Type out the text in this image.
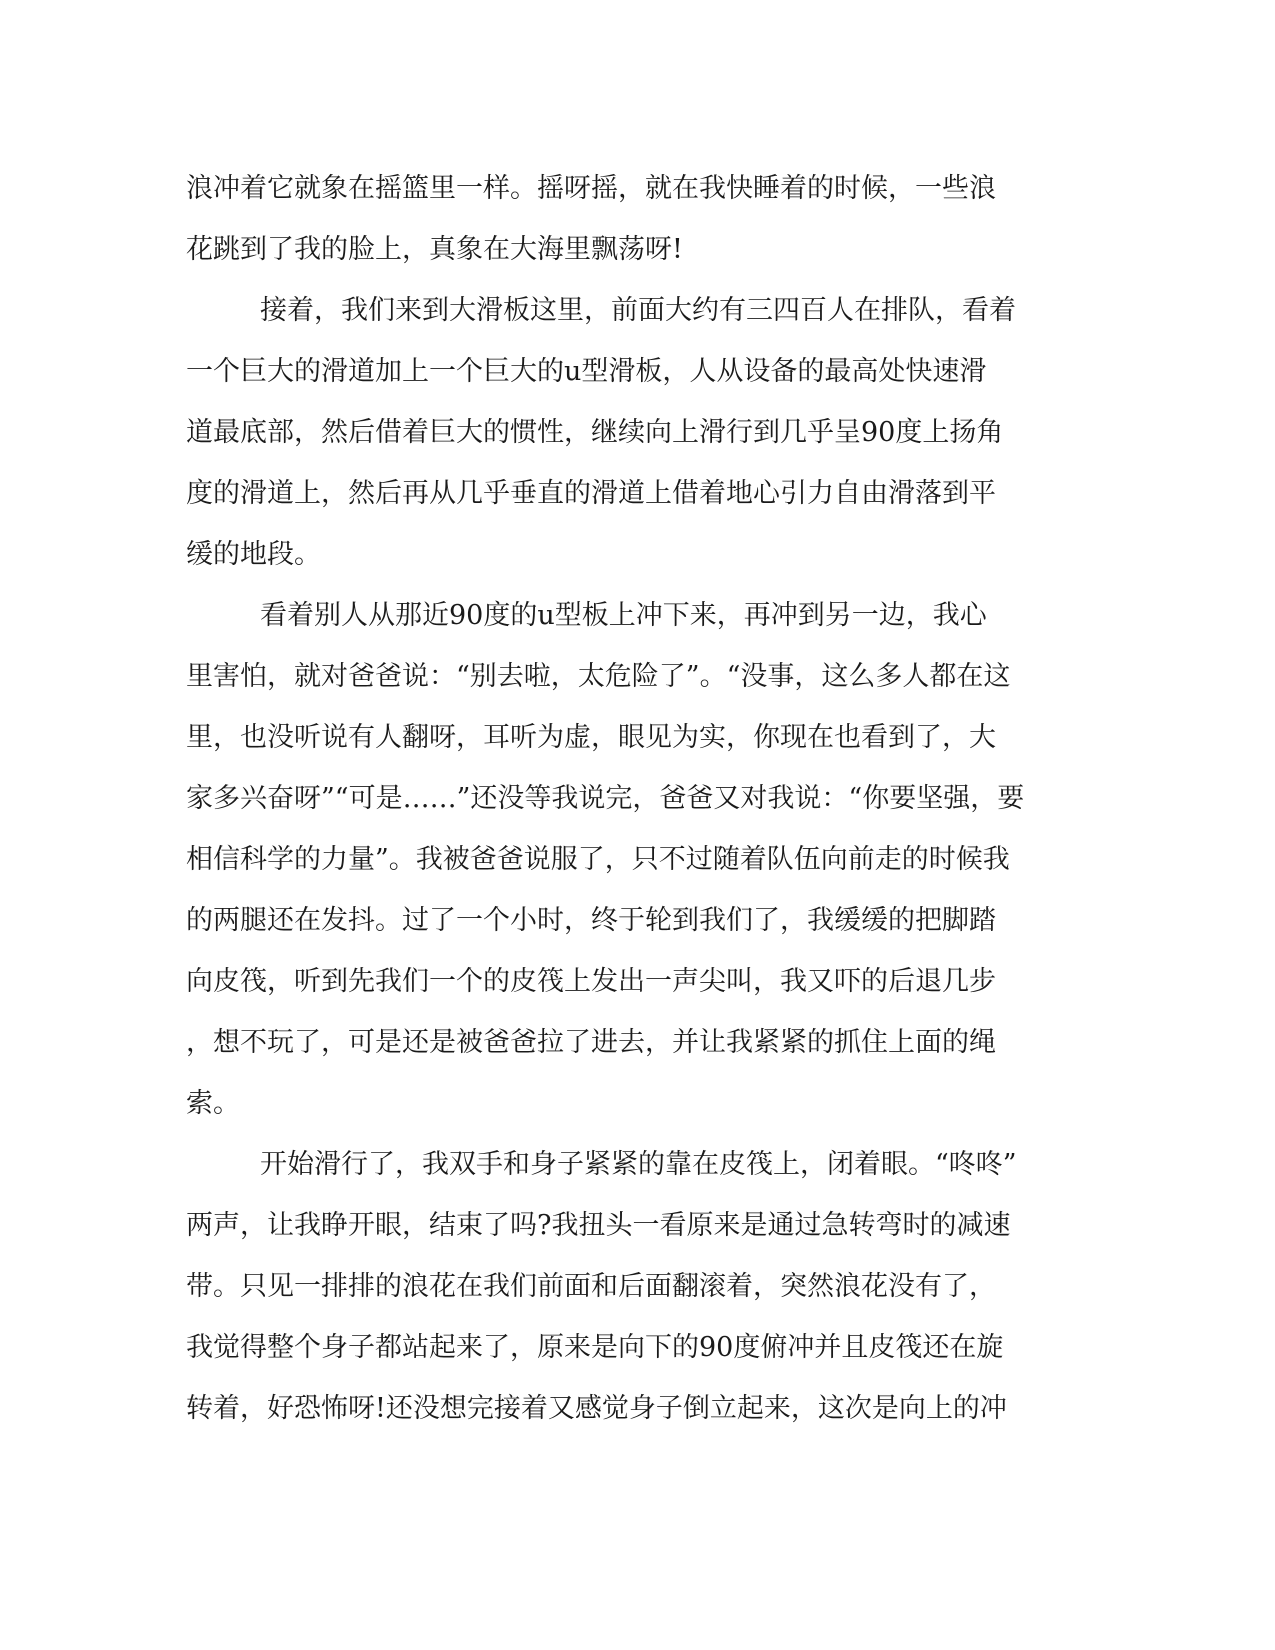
浪冲着它就象在摇篮里一样。摇呀摇，就在我快睡着的时候，一些浪
花跳到了我的脸上，真象在大海里飘荡呀!
接着，我们来到大滑板这里，前面大约有三四百人在排队，看着
一个巨大的滑道加上一个巨大的u型滑板，人从设备的最高处快速滑
道最底部，然后借着巨大的惯性，继续向上滑行到几乎呈90度上扬角
度的滑道上，然后再从几乎垂直的滑道上借着地心引力自由滑落到平
缓的地段。
看着别人从那近90度的u型板上冲下来，再冲到另一边，我心
里害怕，就对爸爸说：“别去啦，太危险了”。“没事，这么多人都在这
里，也没听说有人翻呀，耳听为虚，眼见为实，你现在也看到了，大
家多兴奋呀”“可是……”还没等我说完，爸爸又对我说：“你要坚强，要
相信科学的力量”。我被爸爸说服了，只不过随着队伍向前走的时候我
的两腿还在发抖。过了一个小时，终于轮到我们了，我缓缓的把脚踏
向皮筏，听到先我们一个的皮筏上发出一声尖叫，我又吓的后退几步
，想不玩了，可是还是被爸爸拉了进去，并让我紧紧的抓住上面的绳
索。
开始滑行了，我双手和身子紧紧的靠在皮筏上，闭着眼。“咚咚”
两声，让我睁开眼，结束了吗?我扭头一看原来是通过急转弯时的减速
带。只见一排排的浪花在我们前面和后面翻滚着，突然浪花没有了，
我觉得整个身子都站起来了，原来是向下的90度俯冲并且皮筏还在旋
转着，好恐怖呀!还没想完接着又感觉身子倒立起来，这次是向上的冲
